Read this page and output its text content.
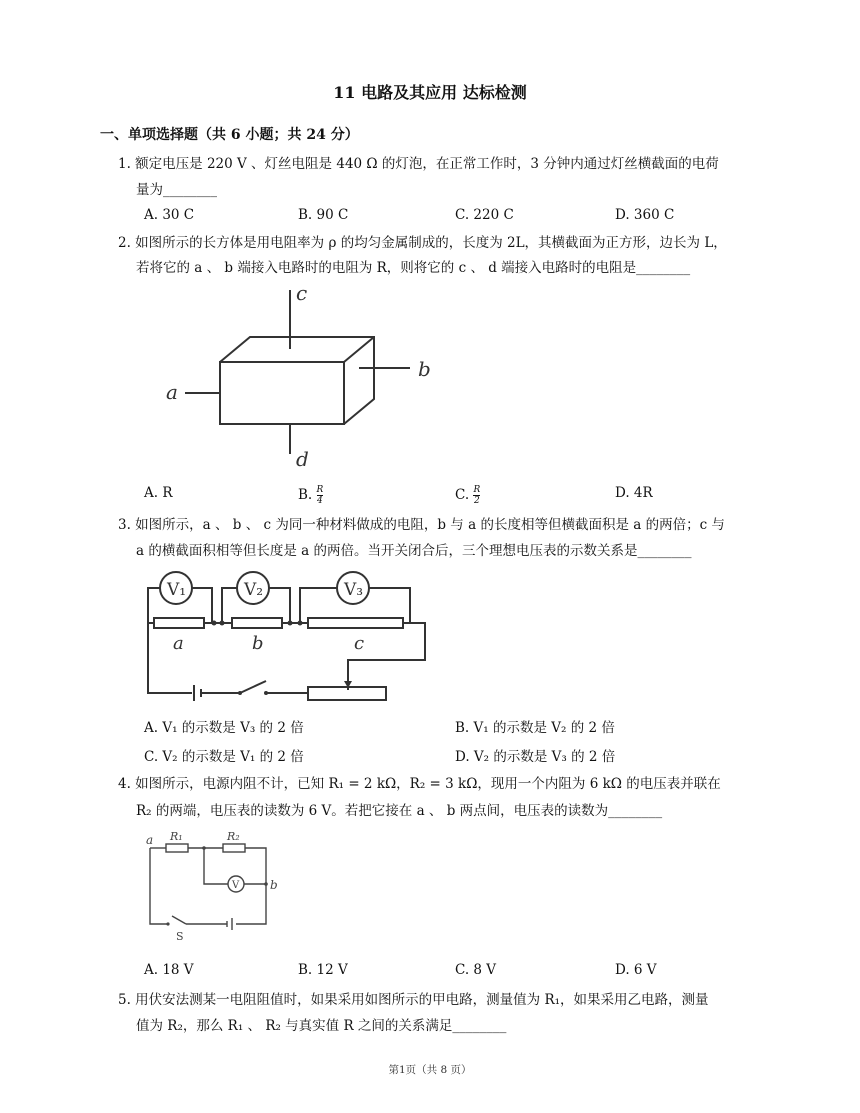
11 电路及其应用 达标检测
一、单项选择题（共 6 小题；共 24 分）
1. 额定电压是 220 V 、灯丝电阻是 440 Ω 的灯泡，在正常工作时，3 分钟内通过灯丝横截面的电荷
量为________
A. 30 C	B. 90 C	C. 220 C	D. 360 C
2. 如图所示的长方体是用电阻率为 ρ 的均匀金属制成的，长度为 2L，其横截面为正方形，边长为 L，
若将它的 a 、 b 端接入电路时的电阻为 R，则将它的 c 、 d 端接入电路时的电阻是________
c
d
a
b
A. R	B. $\frac{R}{4}$	C. $\frac{R}{2}$	D. 4R
3. 如图所示，a 、 b 、 c 为同一种材料做成的电阻，b 与 a 的长度相等但横截面积是 a 的两倍；c 与
a 的横截面积相等但长度是 a 的两倍。当开关闭合后，三个理想电压表的示数关系是________
V₁	V₂	V₃
a	b	c
A. V₁ 的示数是 V₃ 的 2 倍	B. V₁ 的示数是 V₂ 的 2 倍
C. V₂ 的示数是 V₁ 的 2 倍	D. V₂ 的示数是 V₃ 的 2 倍
4. 如图所示，电源内阻不计，已知 R₁ = 2 kΩ，R₂ = 3 kΩ，现用一个内阻为 6 kΩ 的电压表并联在
R₂ 的两端，电压表的读数为 6 V。若把它接在 a 、 b 两点间，电压表的读数为________
a R₁	R₂
V	b
S
A. 18 V	B. 12 V	C. 8 V	D. 6 V
5. 用伏安法测某一电阻阻值时，如果采用如图所示的甲电路，测量值为 R₁，如果采用乙电路，测量
值为 R₂，那么 R₁ 、 R₂ 与真实值 R 之间的关系满足________
第1页（共 8 页）
